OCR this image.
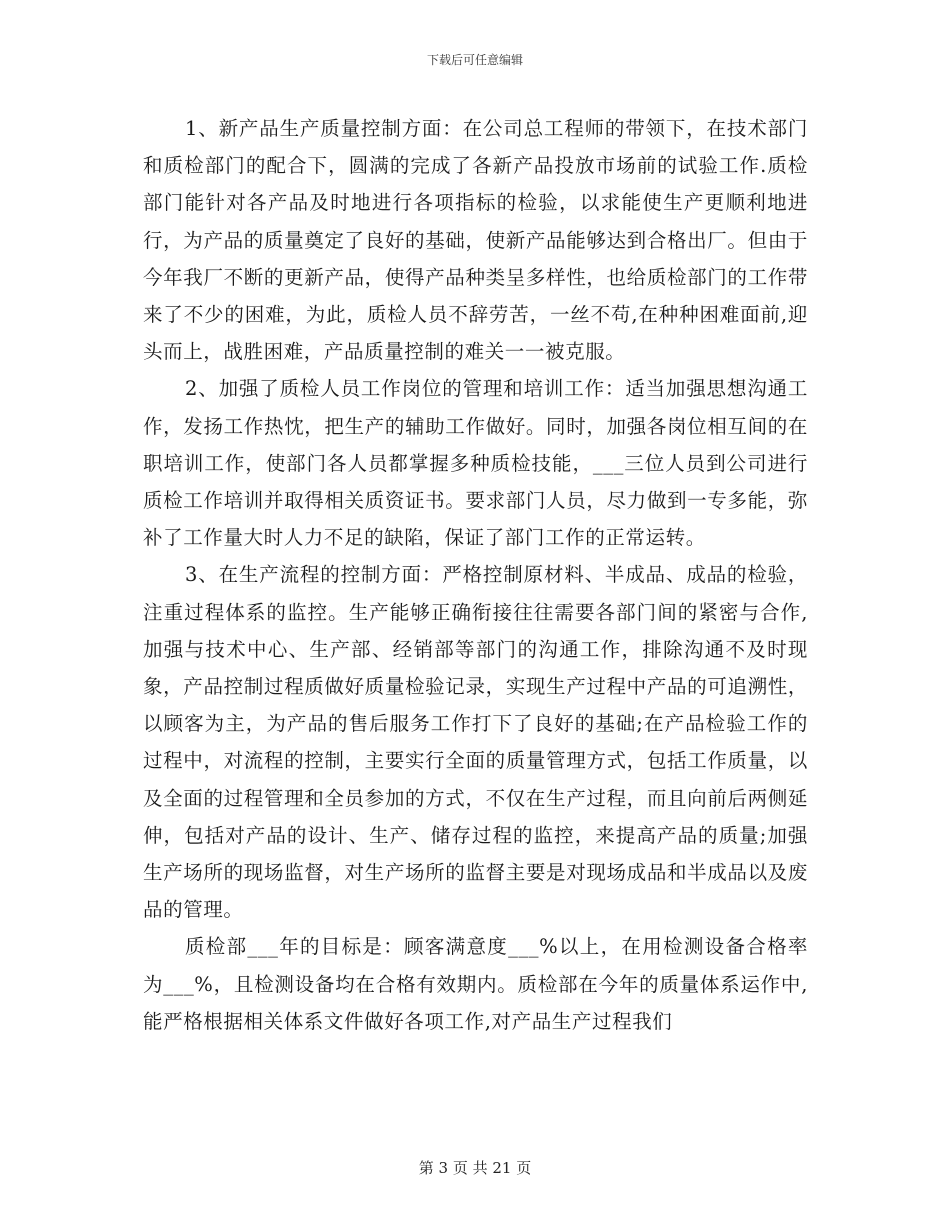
下载后可任意编辑

1、新产品生产质量控制方面：在公司总工程师的带领下，在技术部门和质检部门的配合下，圆满的完成了各新产品投放市场前的试验工作.质检部门能针对各产品及时地进行各项指标的检验，以求能使生产更顺利地进行，为产品的质量奠定了良好的基础，使新产品能够达到合格出厂。但由于今年我厂不断的更新产品，使得产品种类呈多样性，也给质检部门的工作带来了不少的困难，为此，质检人员不辞劳苦，一丝不苟,在种种困难面前,迎头而上，战胜困难，产品质量控制的难关一一被克服。

2、加强了质检人员工作岗位的管理和培训工作：适当加强思想沟通工作，发扬工作热忱，把生产的辅助工作做好。同时，加强各岗位相互间的在职培训工作，使部门各人员都掌握多种质检技能，___三位人员到公司进行质检工作培训并取得相关质资证书。要求部门人员，尽力做到一专多能，弥补了工作量大时人力不足的缺陷，保证了部门工作的正常运转。

3、在生产流程的控制方面：严格控制原材料、半成品、成品的检验，注重过程体系的监控。生产能够正确衔接往往需要各部门间的紧密与合作,加强与技术中心、生产部、经销部等部门的沟通工作，排除沟通不及时现象，产品控制过程质做好质量检验记录，实现生产过程中产品的可追溯性，以顾客为主，为产品的售后服务工作打下了良好的基础;在产品检验工作的过程中，对流程的控制，主要实行全面的质量管理方式，包括工作质量，以及全面的过程管理和全员参加的方式，不仅在生产过程，而且向前后两侧延伸，包括对产品的设计、生产、储存过程的监控，来提高产品的质量;加强生产场所的现场监督，对生产场所的监督主要是对现场成品和半成品以及废品的管理。

质检部___年的目标是：顾客满意度___%以上，在用检测设备合格率为___%，且检测设备均在合格有效期内。质检部在今年的质量体系运作中,能严格根据相关体系文件做好各项工作,对产品生产过程我们

第 3 页 共 21 页
